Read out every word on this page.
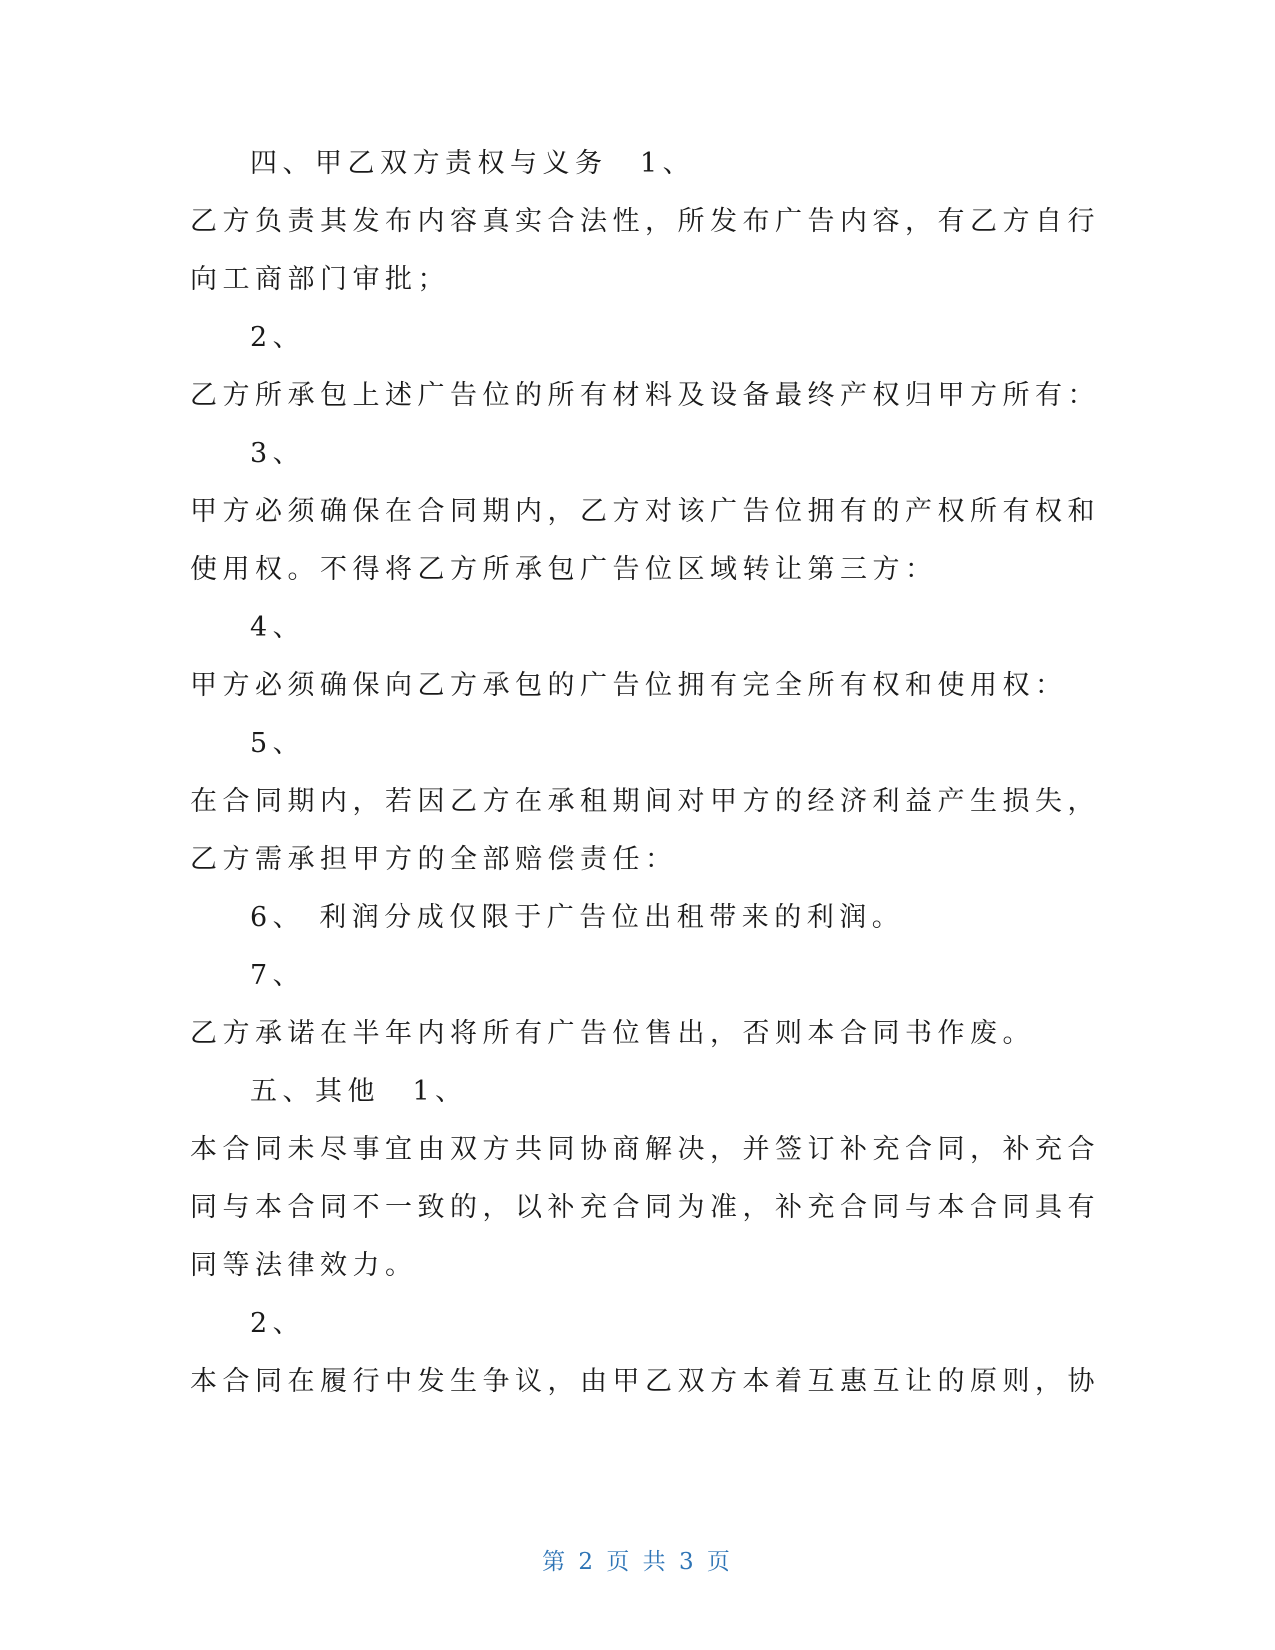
四、甲乙双方责权与义务　1、
乙方负责其发布内容真实合法性，所发布广告内容，有乙方自行
向工商部门审批；
2、
乙方所承包上述广告位的所有材料及设备最终产权归甲方所有：
3、
甲方必须确保在合同期内，乙方对该广告位拥有的产权所有权和
使用权。不得将乙方所承包广告位区域转让第三方：
4、
甲方必须确保向乙方承包的广告位拥有完全所有权和使用权：
5、
在合同期内，若因乙方在承租期间对甲方的经济利益产生损失，
乙方需承担甲方的全部赔偿责任：
6、 利润分成仅限于广告位出租带来的利润。
7、
乙方承诺在半年内将所有广告位售出，否则本合同书作废。
五、其他　1、
本合同未尽事宜由双方共同协商解决，并签订补充合同，补充合
同与本合同不一致的，以补充合同为准，补充合同与本合同具有
同等法律效力。
2、
本合同在履行中发生争议，由甲乙双方本着互惠互让的原则，协
第 2 页 共 3 页
